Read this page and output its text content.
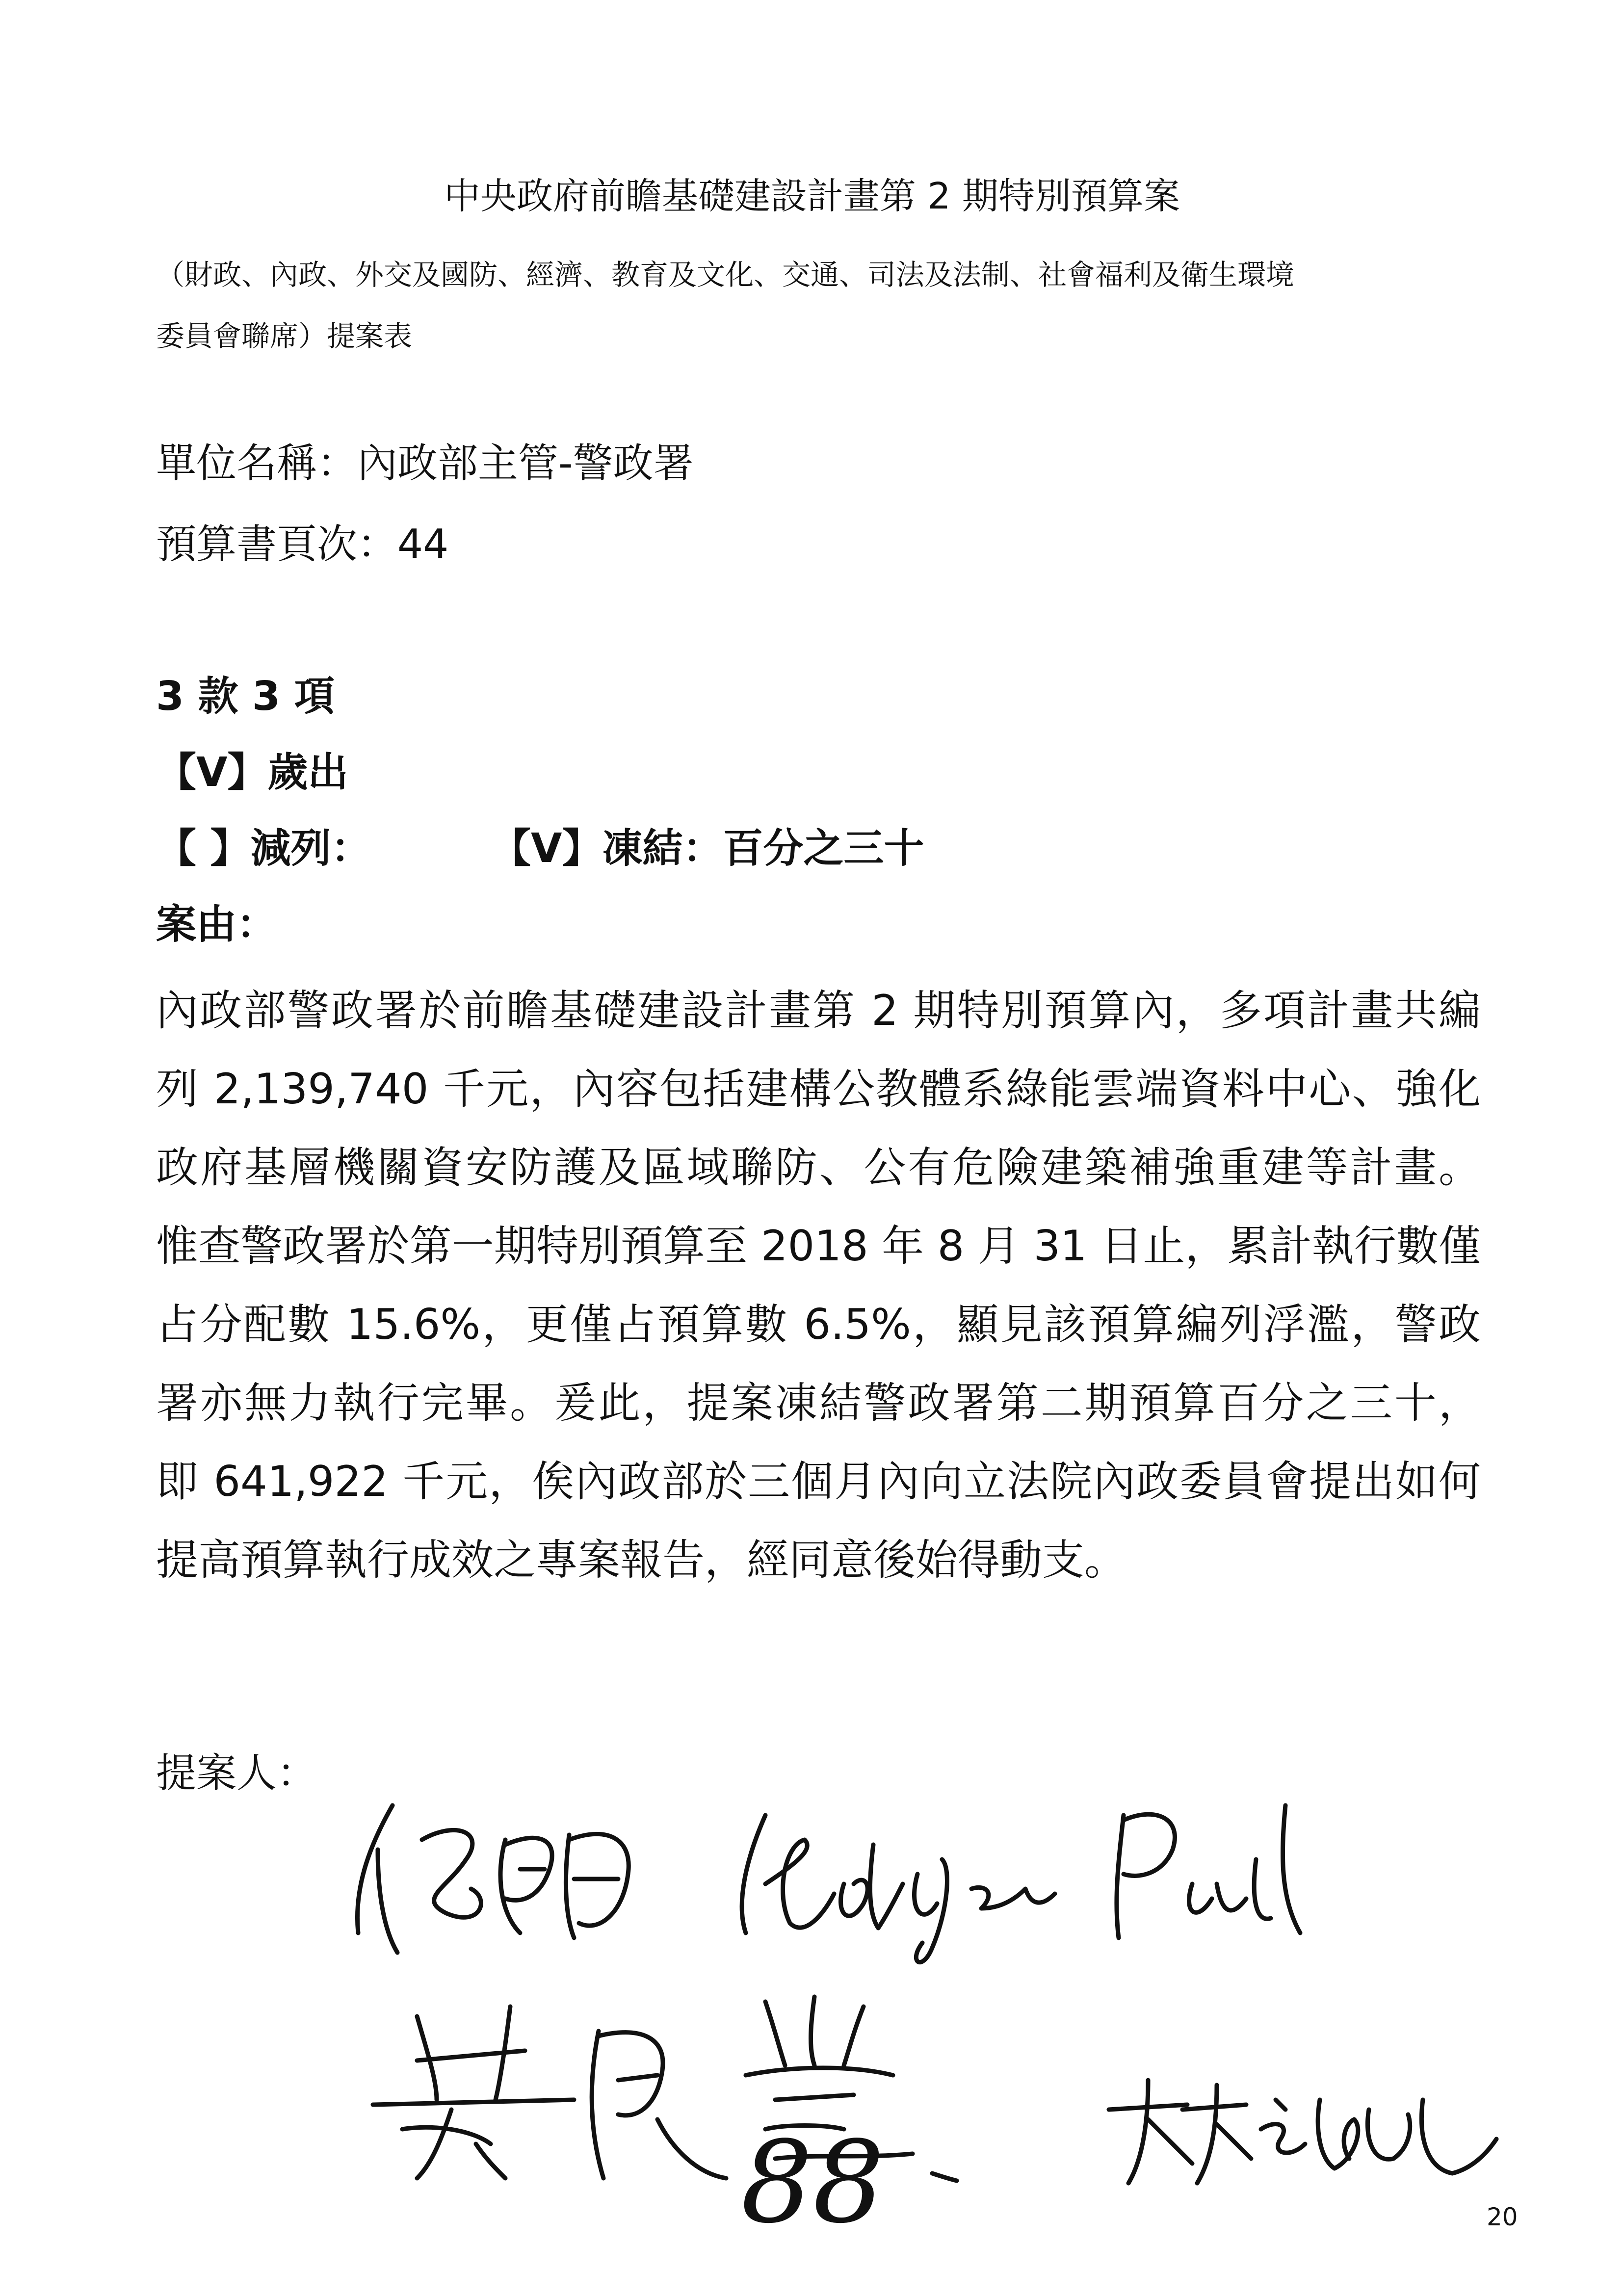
中央政府前瞻基礎建設計畫第 2 期特別預算案
（財政、內政、外交及國防、經濟、教育及文化、交通、司法及法制、社會福利及衛生環境
委員會聯席）提案表
單位名稱：內政部主管-警政署
預算書頁次：44
3 款 3 項
【V】歲出
【 】減列：	【V】凍結：百分之三十
案由：
內政部警政署於前瞻基礎建設計畫第 2 期特別預算內，多項計畫共編
列 2,139,740 千元，內容包括建構公教體系綠能雲端資料中心、強化
政府基層機關資安防護及區域聯防、公有危險建築補強重建等計畫。
惟查警政署於第一期特別預算至 2018 年 8 月 31 日止，累計執行數僅
占分配數 15.6%，更僅占預算數 6.5%，顯見該預算編列浮濫，警政
署亦無力執行完畢。爰此，提案凍結警政署第二期預算百分之三十，
即 641,922 千元，俟內政部於三個月內向立法院內政委員會提出如何
提高預算執行成效之專案報告，經同意後始得動支。
提案人：
88	20
